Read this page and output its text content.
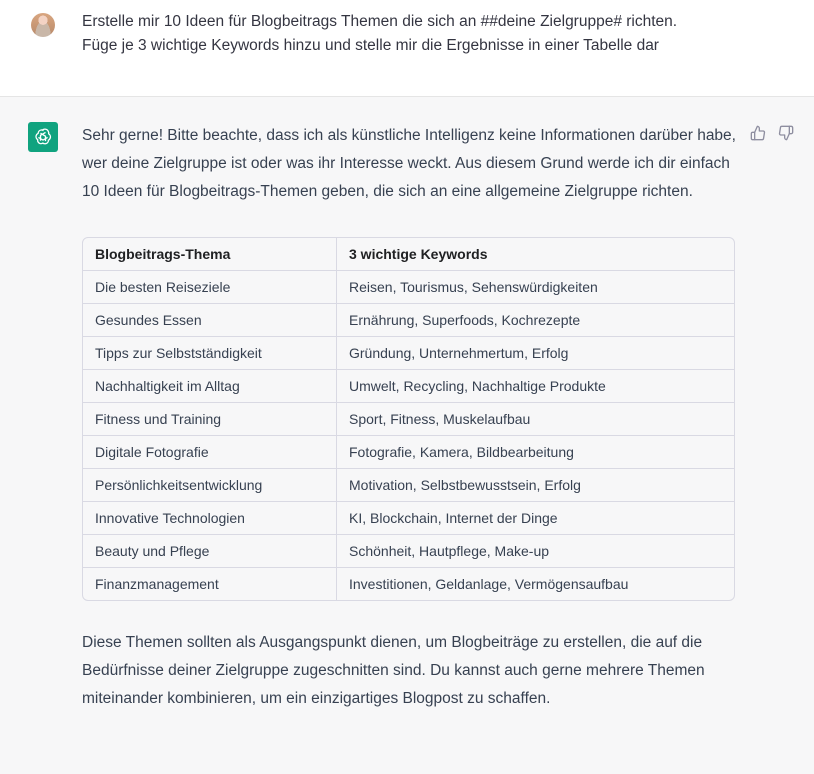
Erstelle mir 10 Ideen für Blogbeitrags Themen die sich an ##deine Zielgruppe# richten.
Füge je 3 wichtige Keywords hinzu und stelle mir die Ergebnisse in einer Tabelle dar

Sehr gerne! Bitte beachte, dass ich als künstliche Intelligenz keine Informationen darüber habe, wer deine Zielgruppe ist oder was ihr Interesse weckt. Aus diesem Grund werde ich dir einfach 10 Ideen für Blogbeitrags-Themen geben, die sich an eine allgemeine Zielgruppe richten.

Blogbeitrags-Thema	3 wichtige Keywords
Die besten Reiseziele	Reisen, Tourismus, Sehenswürdigkeiten
Gesundes Essen	Ernährung, Superfoods, Kochrezepte
Tipps zur Selbstständigkeit	Gründung, Unternehmertum, Erfolg
Nachhaltigkeit im Alltag	Umwelt, Recycling, Nachhaltige Produkte
Fitness und Training	Sport, Fitness, Muskelaufbau
Digitale Fotografie	Fotografie, Kamera, Bildbearbeitung
Persönlichkeitsentwicklung	Motivation, Selbstbewusstsein, Erfolg
Innovative Technologien	KI, Blockchain, Internet der Dinge
Beauty und Pflege	Schönheit, Hautpflege, Make-up
Finanzmanagement	Investitionen, Geldanlage, Vermögensaufbau

Diese Themen sollten als Ausgangspunkt dienen, um Blogbeiträge zu erstellen, die auf die Bedürfnisse deiner Zielgruppe zugeschnitten sind. Du kannst auch gerne mehrere Themen miteinander kombinieren, um ein einzigartiges Blogpost zu schaffen.
